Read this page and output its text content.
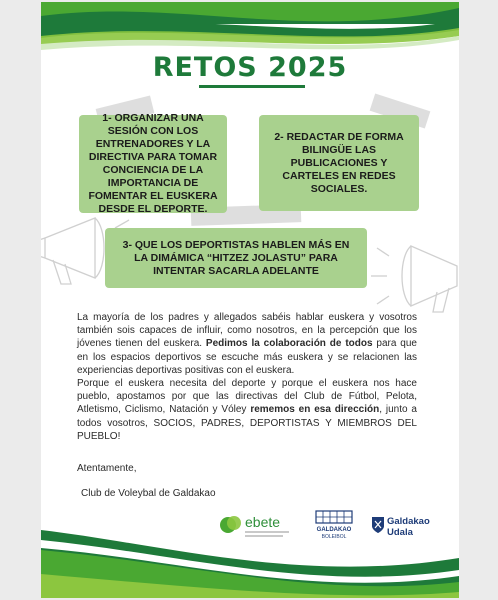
RETOS 2025
1- ORGANIZAR UNA SESIÓN CON LOS ENTRENADORES Y LA DIRECTIVA PARA TOMAR CONCIENCIA DE LA IMPORTANCIA DE FOMENTAR EL EUSKERA DESDE EL DEPORTE.
2- REDACTAR DE FORMA BILINGÜE LAS PUBLICACIONES Y CARTELES EN REDES SOCIALES.
3- QUE LOS DEPORTISTAS HABLEN MÁS EN LA DIMÁMICA “HITZEZ JOLASTU” PARA INTENTAR SACARLA ADELANTE

La mayoría de los padres y allegados sabéis hablar euskera y vosotros también sois capaces de influir, como nosotros, en la percepción que los jóvenes tienen del euskera. Pedimos la colaboración de todos para que en los espacios deportivos se escuche más euskera y se relacionen las experiencias deportivas positivas con el euskera.

Porque el euskera necesita del deporte y porque el euskera nos hace pueblo, apostamos por que las directivas del Club de Fútbol, Pelota, Atletismo, Ciclismo, Natación y Vóley rememos en esa dirección, junto a todos vosotros, SOCIOS, PADRES, DEPORTISTAS Y MIEMBROS DEL PUEBLO!

Atentamente,
Club de Voleybal de Galdakao
ebete	GALDAKAO
BOLEIBOL
Galdakao
Udala
